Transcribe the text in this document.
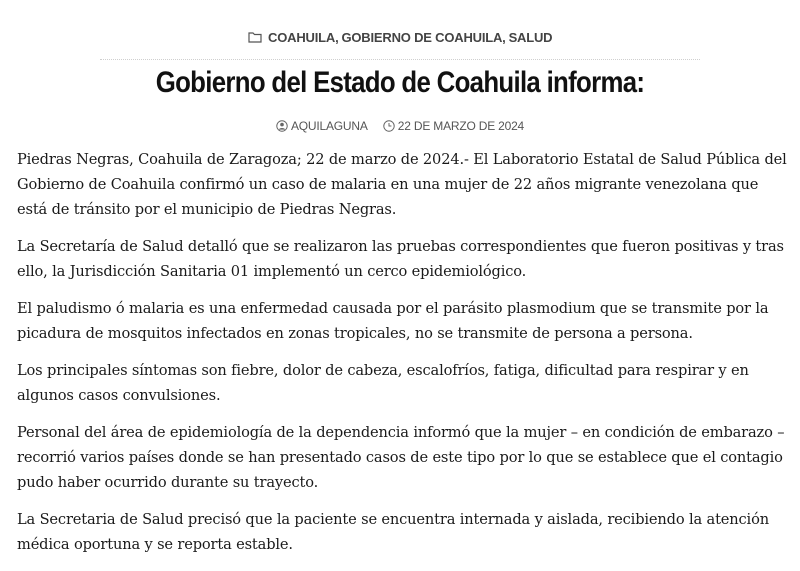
COAHUILA, GOBIERNO DE COAHUILA, SALUD
Gobierno del Estado de Coahuila informa:
AQUILAGUNA	22 DE MARZO DE 2024

Piedras Negras, Coahuila de Zaragoza; 22 de marzo de 2024.- El Laboratorio Estatal de Salud Pública del Gobierno de Coahuila confirmó un caso de malaria en una mujer de 22 años migrante venezolana que está de tránsito por el municipio de Piedras Negras.

La Secretaría de Salud detalló que se realizaron las pruebas correspondientes que fueron positivas y tras ello, la Jurisdicción Sanitaria 01 implementó un cerco epidemiológico.

El paludismo ó malaria es una enfermedad causada por el parásito plasmodium que se transmite por la picadura de mosquitos infectados en zonas tropicales, no se transmite de persona a persona.

Los principales síntomas son fiebre, dolor de cabeza, escalofríos, fatiga, dificultad para respirar y en algunos casos convulsiones.

Personal del área de epidemiología de la dependencia informó que la mujer – en condición de embarazo – recorrió varios países donde se han presentado casos de este tipo por lo que se establece que el contagio pudo haber ocurrido durante su trayecto.

La Secretaria de Salud precisó que la paciente se encuentra internada y aislada, recibiendo la atención médica oportuna y se reporta estable.
